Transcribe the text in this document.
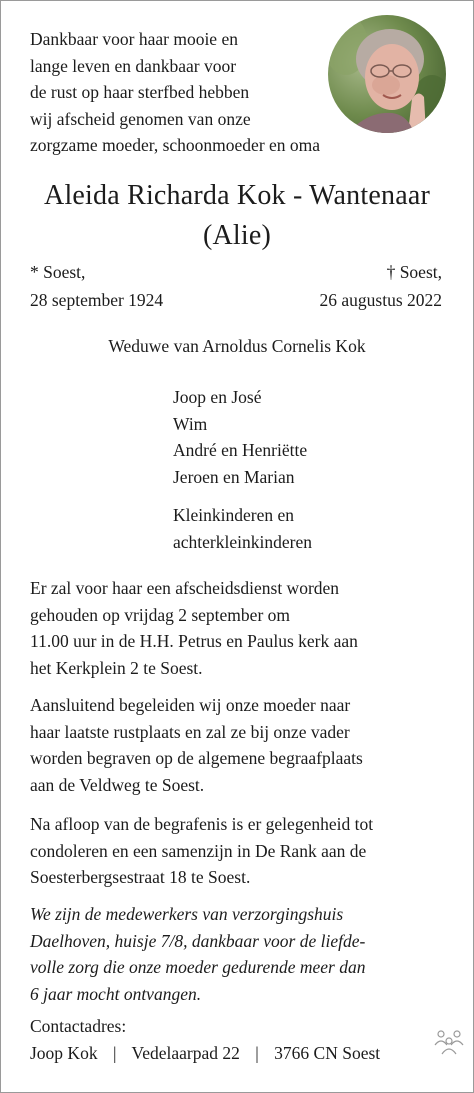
Dankbaar voor haar mooie en
lange leven en dankbaar voor
de rust op haar sterfbed hebben
wij afscheid genomen van onze
zorgzame moeder, schoonmoeder en oma
Aleida Richarda Kok - Wantenaar
(Alie)
* Soest,
28 september 1924
† Soest,
26 augustus 2022
Weduwe van Arnoldus Cornelis Kok
Joop en José
Wim
André en Henriëtte
Jeroen en Marian
Kleinkinderen en
achterkleinkinderen
Er zal voor haar een afscheidsdienst worden
gehouden op vrijdag 2 september om
11.00 uur in de H.H. Petrus en Paulus kerk aan
het Kerkplein 2 te Soest.
Aansluitend begeleiden wij onze moeder naar
haar laatste rustplaats en zal ze bij onze vader
worden begraven op de algemene begraafplaats
aan de Veldweg te Soest.
Na afloop van de begrafenis is er gelegenheid tot
condoleren en een samenzijn in De Rank aan de
Soesterbergsestraat 18 te Soest.
We zijn de medewerkers van verzorgingshuis
Daelhoven, huisje 7/8, dankbaar voor de liefde-
volle zorg die onze moeder gedurende meer dan
6 jaar mocht ontvangen.
Contactadres:
Joop Kok | Vedelaarpad 22 | 3766 CN Soest
